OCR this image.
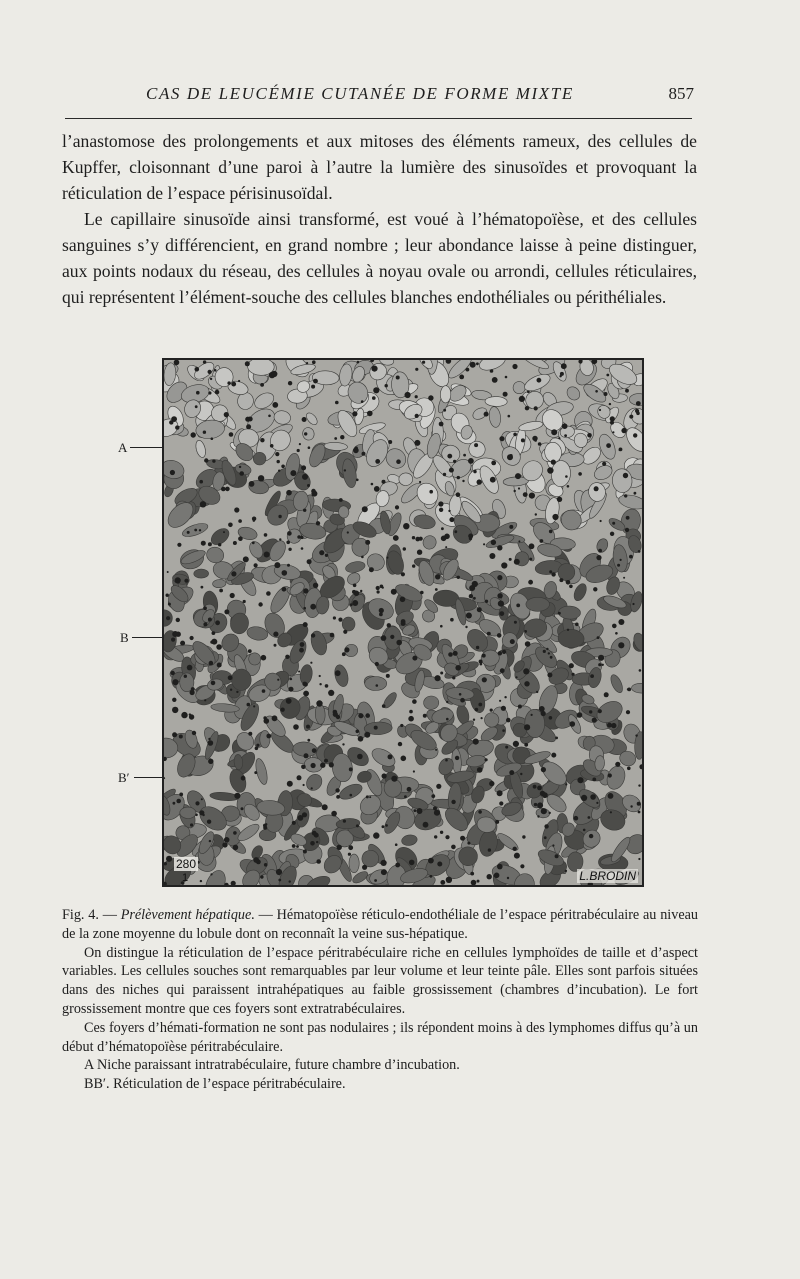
CAS DE LEUCÉMIE CUTANÉE DE FORME MIXTE	857

l’anastomose des prolongements et aux mitoses des éléments rameux, des cellules de Kupffer, cloisonnant d’une paroi à l’autre la lumière des sinusoïdes et provoquant la réticulation de l’espace périsinusoïdal.

Le capillaire sinusoïde ainsi transformé, est voué à l’hématopoïèse, et des cellules sanguines s’y différencient, en grand nombre ; leur abondance laisse à peine distinguer, aux points nodaux du réseau, des cellules à noyau ovale ou arrondi, cellules réticulaires, qui représentent l’élément-souche des cellules blanches endothéliales ou périthéliales.

A
B
B′
280
1	L.BRODIN

Fig. 4. — Prélèvement hépatique. — Hématopoïèse réticulo-endothéliale de l’espace péritrabéculaire au niveau de la zone moyenne du lobule dont on reconnaît la veine sus-hépatique.

On distingue la réticulation de l’espace péritrabéculaire riche en cellules lymphoïdes de taille et d’aspect variables. Les cellules souches sont remarquables par leur volume et leur teinte pâle. Elles sont parfois situées dans des niches qui paraissent intrahépatiques au faible grossissement (chambres d’incubation). Le fort grossissement montre que ces foyers sont extratrabéculaires.

Ces foyers d’hémati-formation ne sont pas nodulaires ; ils répondent moins à des lymphomes diffus qu’à un début d’hématopoïèse péritrabéculaire.

A Niche paraissant intratrabéculaire, future chambre d’incubation.

BB′. Réticulation de l’espace péritrabéculaire.
